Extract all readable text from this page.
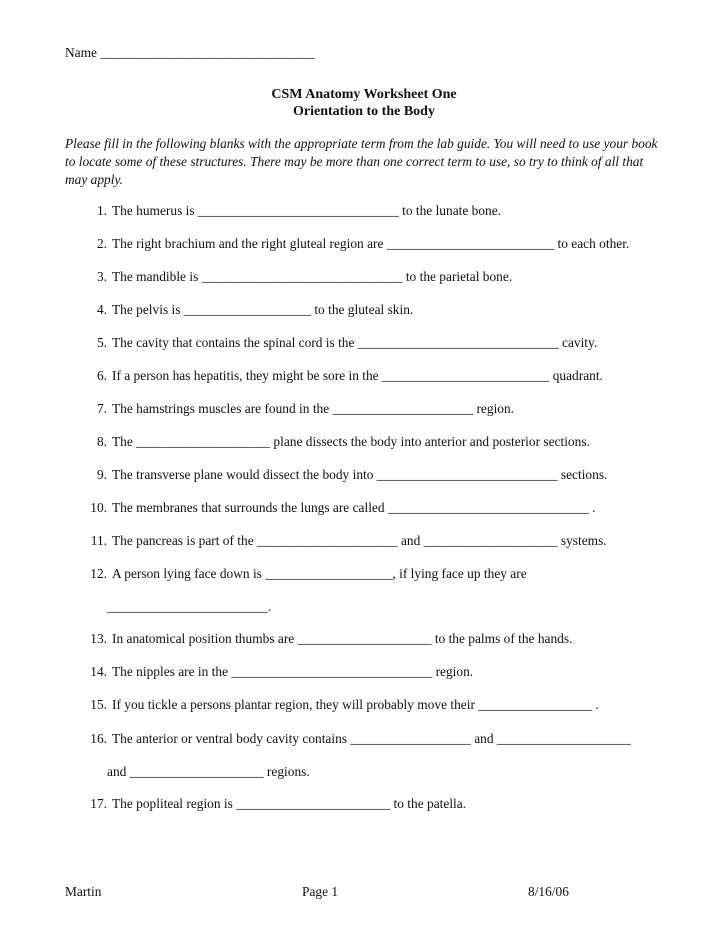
Name ________________________________
CSM Anatomy Worksheet One
Orientation to the Body
Please fill in the following blanks with the appropriate term from the lab guide. You will need to use your book to locate some of these structures. There may be more than one correct term to use, so try to think of all that may apply.
1. The humerus is ______________________________ to the lunate bone.
2. The right brachium and the right gluteal region are _________________________ to each other.
3. The mandible is ______________________________ to the parietal bone.
4. The pelvis is ___________________ to the gluteal skin.
5. The cavity that contains the spinal cord is the ______________________________ cavity.
6. If a person has hepatitis, they might be sore in the _________________________ quadrant.
7. The hamstrings muscles are found in the _____________________ region.
8. The ____________________ plane dissects the body into anterior and posterior sections.
9. The transverse plane would dissect the body into ___________________________ sections.
10. The membranes that surrounds the lungs are called ______________________________ .
11. The pancreas is part of the _____________________ and ____________________ systems.
12. A person lying face down is ___________________, if lying face up they are
________________________.
13. In anatomical position thumbs are ____________________ to the palms of the hands.
14. The nipples are in the ______________________________ region.
15. If you tickle a persons plantar region, they will probably move their _________________ .
16. The anterior or ventral body cavity contains __________________ and ____________________
and ____________________ regions.
17. The popliteal region is _______________________ to the patella.
Martin	Page 1	8/16/06
